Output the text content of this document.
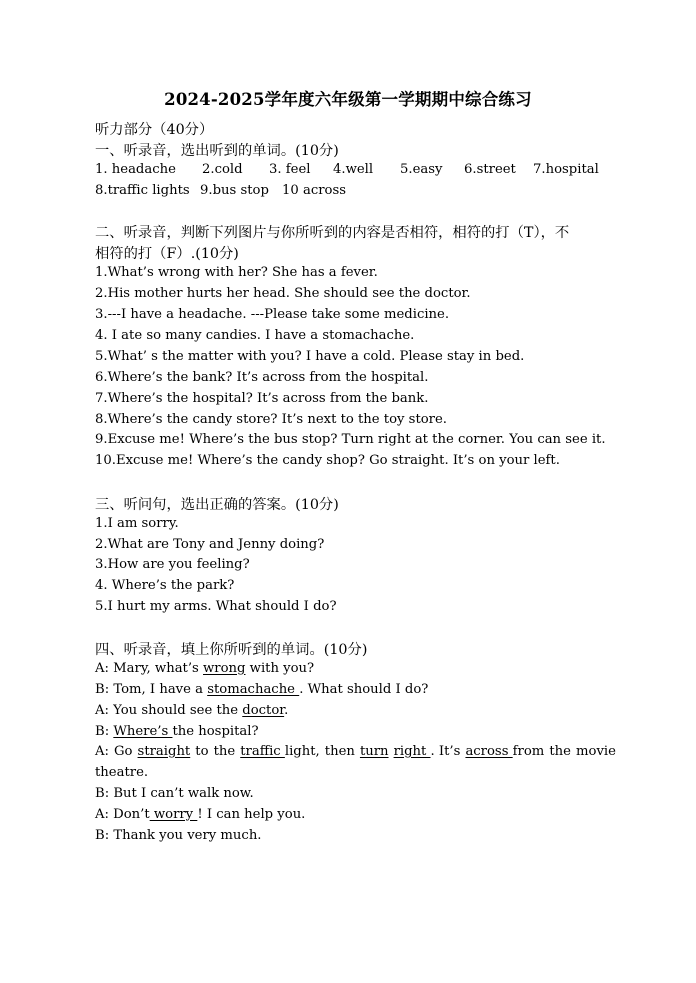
2024-2025学年度六年级第一学期期中综合练习
听力部分（40分）
一、听录音，选出听到的单词。(10分)
1. headache 2.cold 3. feel 4.well 5.easy 6.street 7.hospital
8.traffic lights 9.bus stop 10 across
二、听录音，判断下列图片与你所听到的内容是否相符，相符的打（T），不
相符的打（F）.(10分)
1.What’s wrong with her? She has a fever.
2.His mother hurts her head. She should see the doctor.
3.---I have a headache. ---Please take some medicine.
4. I ate so many candies. I have a stomachache.
5.What’ s the matter with you? I have a cold. Please stay in bed.
6.Where’s the bank? It’s across from the hospital.
7.Where’s the hospital? It’s across from the bank.
8.Where’s the candy store? It’s next to the toy store.
9.Excuse me! Where’s the bus stop? Turn right at the corner. You can see it.
10.Excuse me! Where’s the candy shop? Go straight. It’s on your left.
三、听问句，选出正确的答案。(10分)
1.I am sorry.
2.What are Tony and Jenny doing?
3.How are you feeling?
4. Where’s the park?
5.I hurt my arms. What should I do?
四、听录音，填上你所听到的单词。(10分)
A: Mary, what’s wrong with you?
B: Tom, I have a stomachache . What should I do?
A: You should see the doctor.
B: Where’s the hospital?
A: Go straight to the traffic light, then turn right . It’s across from the movie
theatre.
B: But I can’t walk now.
A: Don’t worry ! I can help you.
B: Thank you very much.
